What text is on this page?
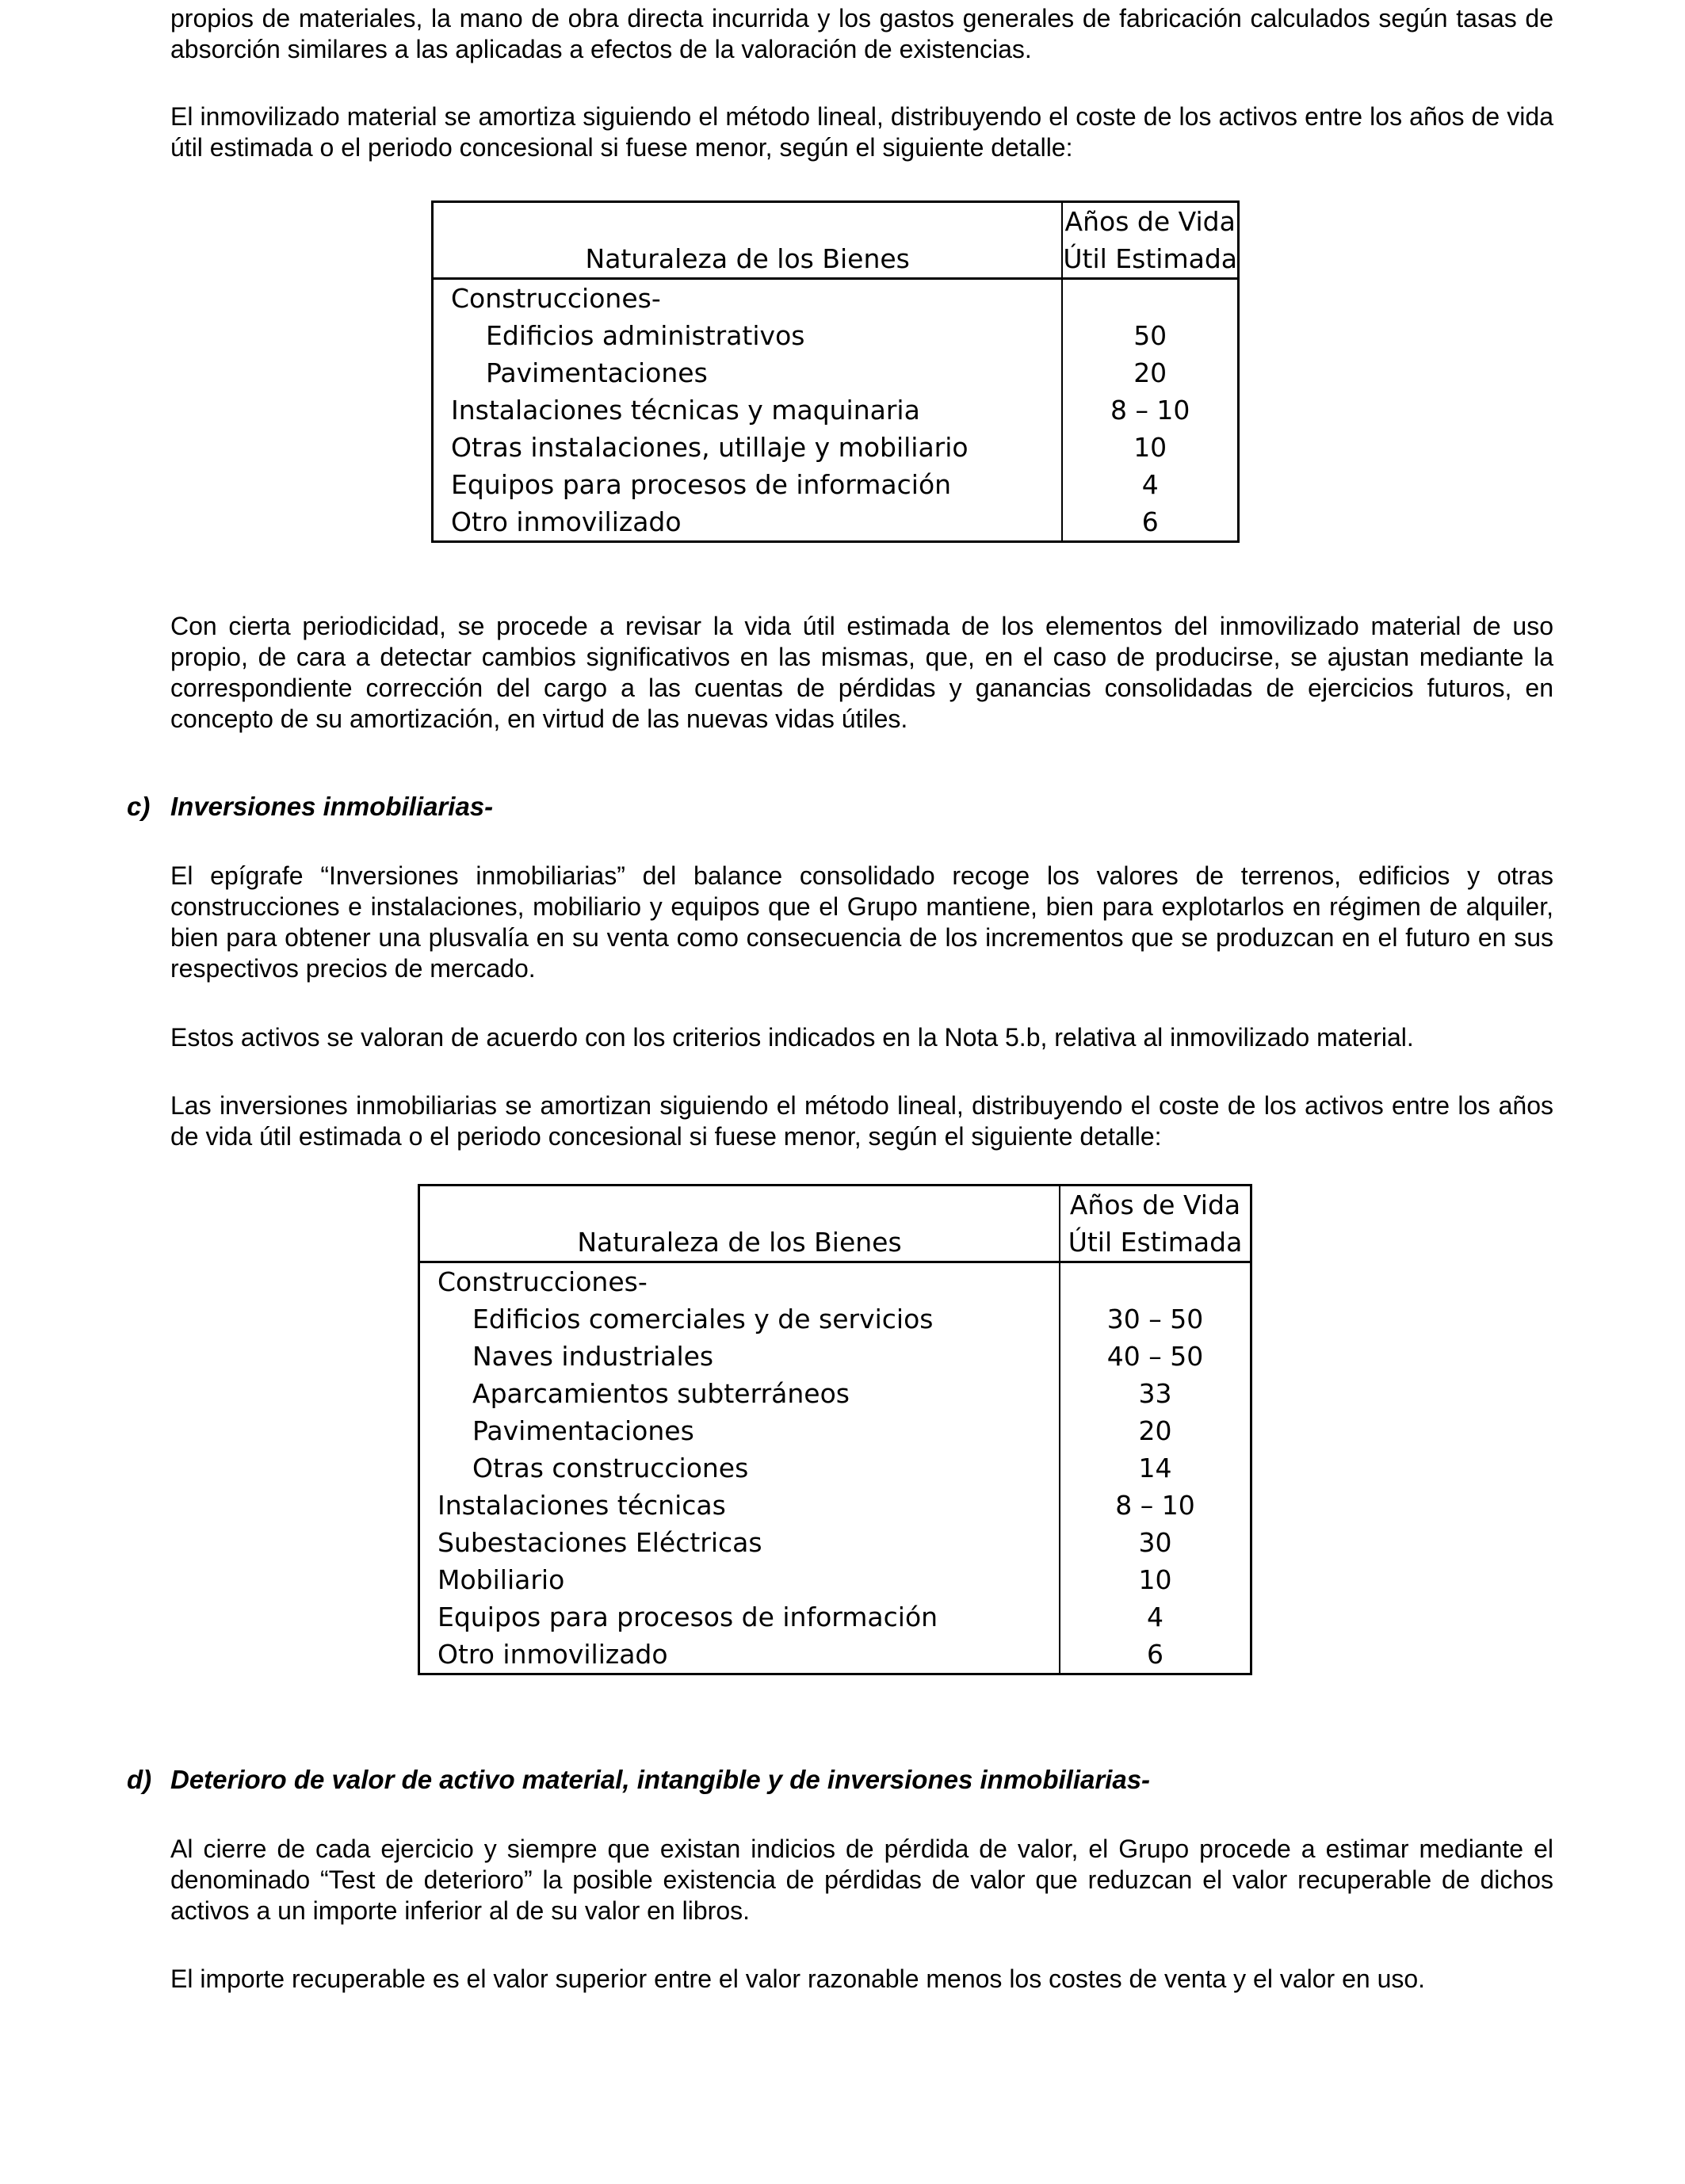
propios de materiales, la mano de obra directa incurrida y los gastos generales de fabricación calculados según tasas de absorción similares a las aplicadas a efectos de la valoración de existencias.

El inmovilizado material se amortiza siguiendo el método lineal, distribuyendo el coste de los activos entre los años de vida útil estimada o el periodo concesional si fuese menor, según el siguiente detalle:

Naturaleza de los Bienes	Años de Vida
Útil Estimada

Construcciones-	
Edificios administrativos	50
Pavimentaciones	20
Instalaciones técnicas y maquinaria	8 – 10
Otras instalaciones, utillaje y mobiliario	10
Equipos para procesos de información	4
Otro inmovilizado	6

Con cierta periodicidad, se procede a revisar la vida útil estimada de los elementos del inmovilizado material de uso propio, de cara a detectar cambios significativos en las mismas, que, en el caso de producirse, se ajustan mediante la correspondiente corrección del cargo a las cuentas de pérdidas y ganancias consolidadas de ejercicios futuros, en concepto de su amortización, en virtud de las nuevas vidas útiles.

c) Inversiones inmobiliarias-

El epígrafe “Inversiones inmobiliarias” del balance consolidado recoge los valores de terrenos, edificios y otras construcciones e instalaciones, mobiliario y equipos que el Grupo mantiene, bien para explotarlos en régimen de alquiler, bien para obtener una plusvalía en su venta como consecuencia de los incrementos que se produzcan en el futuro en sus respectivos precios de mercado.

Estos activos se valoran de acuerdo con los criterios indicados en la Nota 5.b, relativa al inmovilizado material.

Las inversiones inmobiliarias se amortizan siguiendo el método lineal, distribuyendo el coste de los activos entre los años de vida útil estimada o el periodo concesional si fuese menor, según el siguiente detalle:

Naturaleza de los Bienes	Años de Vida
Útil Estimada

Construcciones-	
Edificios comerciales y de servicios	30 – 50
Naves industriales	40 – 50
Aparcamientos subterráneos	33
Pavimentaciones	20
Otras construcciones	14
Instalaciones técnicas	8 – 10
Subestaciones Eléctricas	30
Mobiliario	10
Equipos para procesos de información	4
Otro inmovilizado	6
d) Deterioro de valor de activo material, intangible y de inversiones inmobiliarias-

Al cierre de cada ejercicio y siempre que existan indicios de pérdida de valor, el Grupo procede a estimar mediante el denominado “Test de deterioro” la posible existencia de pérdidas de valor que reduzcan el valor recuperable de dichos activos a un importe inferior al de su valor en libros.

El importe recuperable es el valor superior entre el valor razonable menos los costes de venta y el valor en uso.
